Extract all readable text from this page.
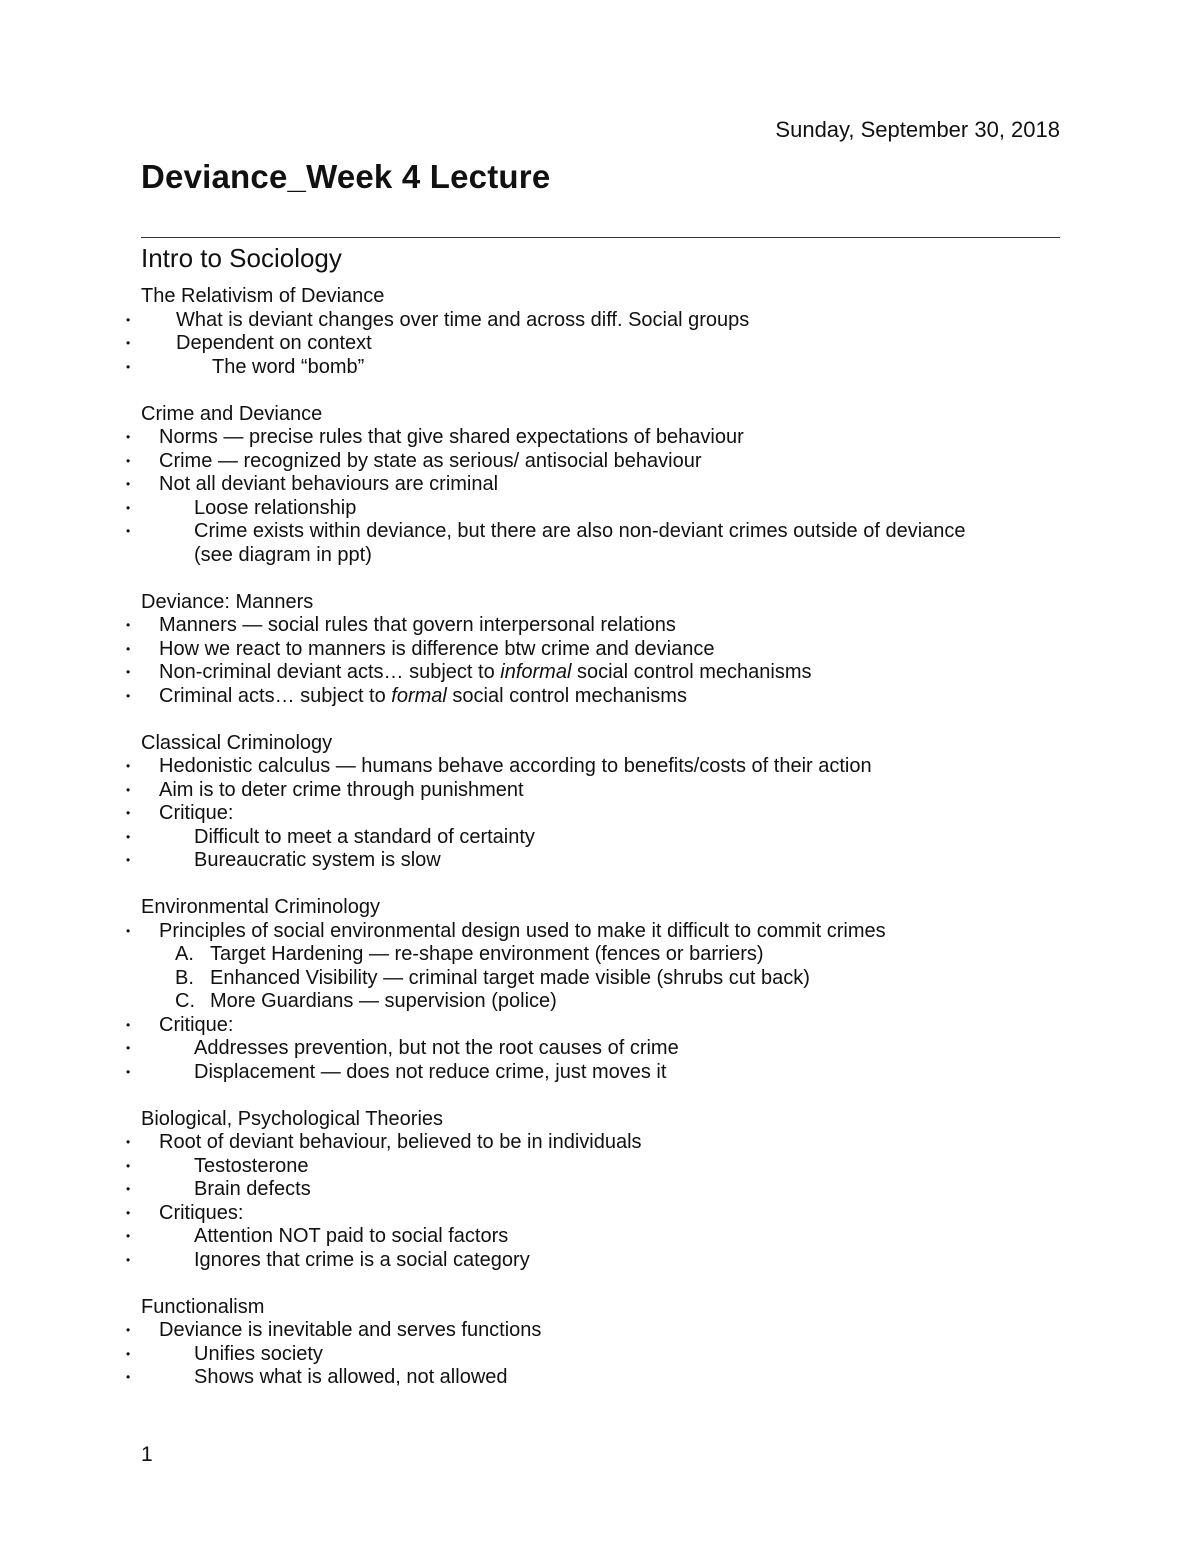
Sunday, September 30, 2018
Deviance_Week 4 Lecture
Intro to Sociology
The Relativism of Deviance
• What is deviant changes over time and across diff. Social groups
• Dependent on context
• The word “bomb”
Crime and Deviance
• Norms — precise rules that give shared expectations of behaviour
• Crime — recognized by state as serious/ antisocial behaviour
• Not all deviant behaviours are criminal
• Loose relationship
• Crime exists within deviance, but there are also non-deviant crimes outside of deviance
(see diagram in ppt)
Deviance: Manners
• Manners — social rules that govern interpersonal relations
• How we react to manners is difference btw crime and deviance
• Non-criminal deviant acts… subject to informal social control mechanisms
• Criminal acts… subject to formal social control mechanisms
Classical Criminology
• Hedonistic calculus — humans behave according to benefits/costs of their action
• Aim is to deter crime through punishment
• Critique:
• Difficult to meet a standard of certainty
• Bureaucratic system is slow
Environmental Criminology
• Principles of social environmental design used to make it difficult to commit crimes
A. Target Hardening — re-shape environment (fences or barriers)
B. Enhanced Visibility — criminal target made visible (shrubs cut back)
C. More Guardians — supervision (police)
• Critique:
• Addresses prevention, but not the root causes of crime
• Displacement — does not reduce crime, just moves it
Biological, Psychological Theories
• Root of deviant behaviour, believed to be in individuals
• Testosterone
• Brain defects
• Critiques:
• Attention NOT paid to social factors
• Ignores that crime is a social category
Functionalism
• Deviance is inevitable and serves functions
• Unifies society
• Shows what is allowed, not allowed
1
